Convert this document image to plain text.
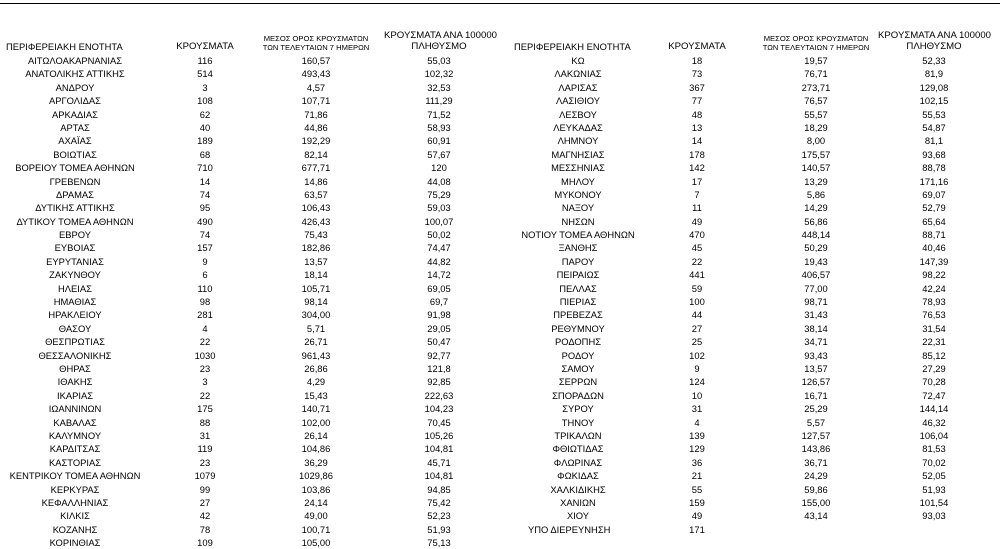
ΠΕΡΙΦΕΡΕΙΑΚΗ ΕΝΟΤΗΤΑ	ΚΡΟΥΣΜΑΤΑ
ΜΕΣΟΣ ΟΡΟΣ ΚΡΟΥΣΜΑΤΩΝ
ΤΩΝ ΤΕΛΕΥΤΑΙΩΝ 7 ΗΜΕΡΩΝ
ΚΡΟΥΣΜΑΤΑ ΑΝΑ 100000
ΠΛΗΘΥΣΜΟ
ΑΙΤΩΛΟΑΚΑΡΝΑΝΙΑΣ	116	160,57	55,03
ΑΝΑΤΟΛΙΚΗΣ ΑΤΤΙΚΗΣ	514	493,43	102,32
ΑΝΔΡΟΥ	3	4,57	32,53
ΑΡΓΟΛΙΔΑΣ	108	107,71	111,29
ΑΡΚΑΔΙΑΣ	62	71,86	71,52
ΑΡΤΑΣ	40	44,86	58,93
ΑΧΑΪΑΣ	189	192,29	60,91
ΒΟΙΩΤΙΑΣ	68	82,14	57,67
ΒΟΡΕΙΟΥ ΤΟΜΕΑ ΑΘΗΝΩΝ	710	677,71	120
ΓΡΕΒΕΝΩΝ	14	14,86	44,08
ΔΡΑΜΑΣ	74	63,57	75,29
ΔΥΤΙΚΗΣ ΑΤΤΙΚΗΣ	95	106,43	59,03
ΔΥΤΙΚΟΥ ΤΟΜΕΑ ΑΘΗΝΩΝ	490	426,43	100,07
ΕΒΡΟΥ	74	75,43	50,02
ΕΥΒΟΙΑΣ	157	182,86	74,47
ΕΥΡΥΤΑΝΙΑΣ	9	13,57	44,82
ΖΑΚΥΝΘΟΥ	6	18,14	14,72
ΗΛΕΙΑΣ	110	105,71	69,05
ΗΜΑΘΙΑΣ	98	98,14	69,7
ΗΡΑΚΛΕΙΟΥ	281	304,00	91,98
ΘΑΣΟΥ	4	5,71	29,05
ΘΕΣΠΡΩΤΙΑΣ	22	26,71	50,47
ΘΕΣΣΑΛΟΝΙΚΗΣ	1030	961,43	92,77
ΘΗΡΑΣ	23	26,86	121,8
ΙΘΑΚΗΣ	3	4,29	92,85
ΙΚΑΡΙΑΣ	22	15,43	222,63
ΙΩΑΝΝΙΝΩΝ	175	140,71	104,23
ΚΑΒΑΛΑΣ	88	102,00	70,45
ΚΑΛΥΜΝΟΥ	31	26,14	105,26
ΚΑΡΔΙΤΣΑΣ	119	104,86	104,81
ΚΑΣΤΟΡΙΑΣ	23	36,29	45,71
ΚΕΝΤΡΙΚΟΥ ΤΟΜΕΑ ΑΘΗΝΩΝ	1079	1029,86	104,81
ΚΕΡΚΥΡΑΣ	99	103,86	94,85
ΚΕΦΑΛΛΗΝΙΑΣ	27	24,14	75,42
ΚΙΛΚΙΣ	42	49,00	52,23
ΚΟΖΑΝΗΣ	78	100,71	51,93
ΚΟΡΙΝΘΙΑΣ	109	105,00	75,13
ΠΕΡΙΦΕΡΕΙΑΚΗ ΕΝΟΤΗΤΑ	ΚΡΟΥΣΜΑΤΑ
ΜΕΣΟΣ ΟΡΟΣ ΚΡΟΥΣΜΑΤΩΝ
ΤΩΝ ΤΕΛΕΥΤΑΙΩΝ 7 ΗΜΕΡΩΝ
ΚΡΟΥΣΜΑΤΑ ΑΝΑ 100000
ΠΛΗΘΥΣΜΟ
ΚΩ	18	19,57	52,33
ΛΑΚΩΝΙΑΣ	73	76,71	81,9
ΛΑΡΙΣΑΣ	367	273,71	129,08
ΛΑΣΙΘΙΟΥ	77	76,57	102,15
ΛΕΣΒΟΥ	48	55,57	55,53
ΛΕΥΚΑΔΑΣ	13	18,29	54,87
ΛΗΜΝΟΥ	14	8,00	81,1
ΜΑΓΝΗΣΙΑΣ	178	175,57	93,68
ΜΕΣΣΗΝΙΑΣ	142	140,57	88,78
ΜΗΛΟΥ	17	13,29	171,16
ΜΥΚΟΝΟΥ	7	5,86	69,07
ΝΑΞΟΥ	11	14,29	52,79
ΝΗΣΩΝ	49	56,86	65,64
ΝΟΤΙΟΥ ΤΟΜΕΑ ΑΘΗΝΩΝ	470	448,14	88,71
ΞΑΝΘΗΣ	45	50,29	40,46
ΠΑΡΟΥ	22	19,43	147,39
ΠΕΙΡΑΙΩΣ	441	406,57	98,22
ΠΕΛΛΑΣ	59	77,00	42,24
ΠΙΕΡΙΑΣ	100	98,71	78,93
ΠΡΕΒΕΖΑΣ	44	31,43	76,53
ΡΕΘΥΜΝΟΥ	27	38,14	31,54
ΡΟΔΟΠΗΣ	25	34,71	22,31
ΡΟΔΟΥ	102	93,43	85,12
ΣΑΜΟΥ	9	13,57	27,29
ΣΕΡΡΩΝ	124	126,57	70,28
ΣΠΟΡΑΔΩΝ	10	16,71	72,47
ΣΥΡΟΥ	31	25,29	144,14
ΤΗΝΟΥ	4	5,57	46,32
ΤΡΙΚΑΛΩΝ	139	127,57	106,04
ΦΘΙΩΤΙΔΑΣ	129	143,86	81,53
ΦΛΩΡΙΝΑΣ	36	36,71	70,02
ΦΩΚΙΔΑΣ	21	24,29	52,05
ΧΑΛΚΙΔΙΚΗΣ	55	59,86	51,93
ΧΑΝΙΩΝ	159	155,00	101,54
ΧΙΟΥ	49	43,14	93,03
ΥΠΟ ΔΙΕΡΕΥΝΗΣΗ	171
